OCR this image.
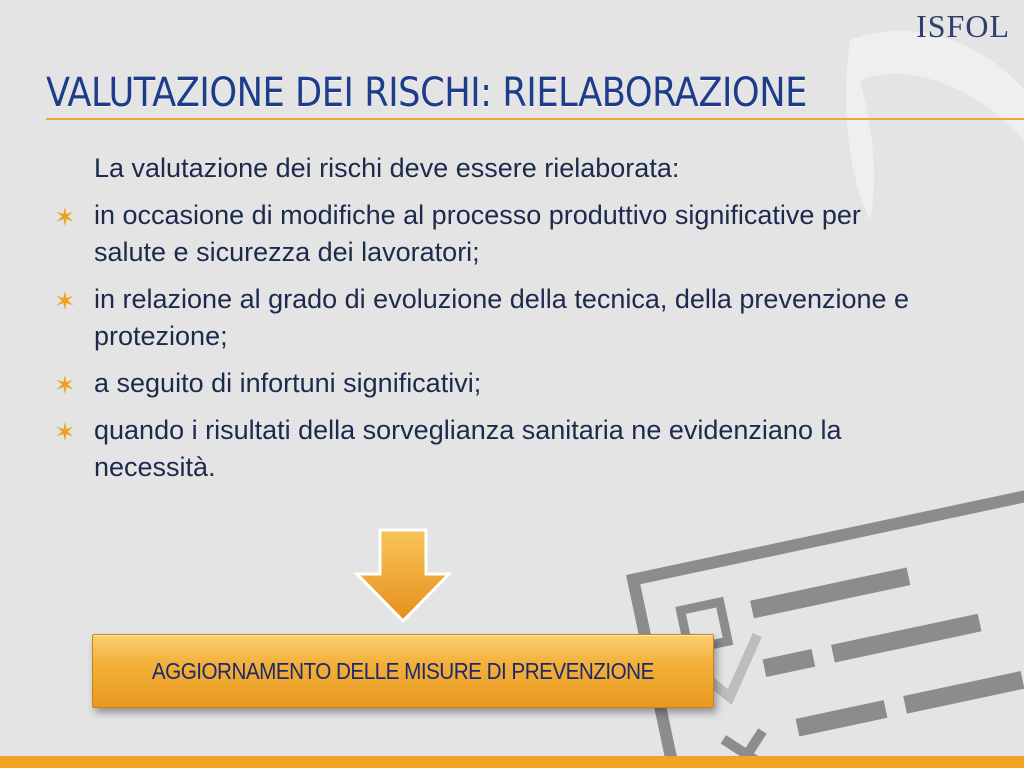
ISFOL
VALUTAZIONE DEI RISCHI: RIELABORAZIONE

La valutazione dei rischi deve essere rielaborata:

✶ in occasione di modifiche al processo produttivo significative per salute e sicurezza dei lavoratori;
✶ in relazione al grado di evoluzione della tecnica, della prevenzione e protezione;
✶ a seguito di infortuni significativi;
✶ quando i risultati della sorveglianza sanitaria ne evidenziano la necessità.
AGGIORNAMENTO DELLE MISURE DI PREVENZIONE
